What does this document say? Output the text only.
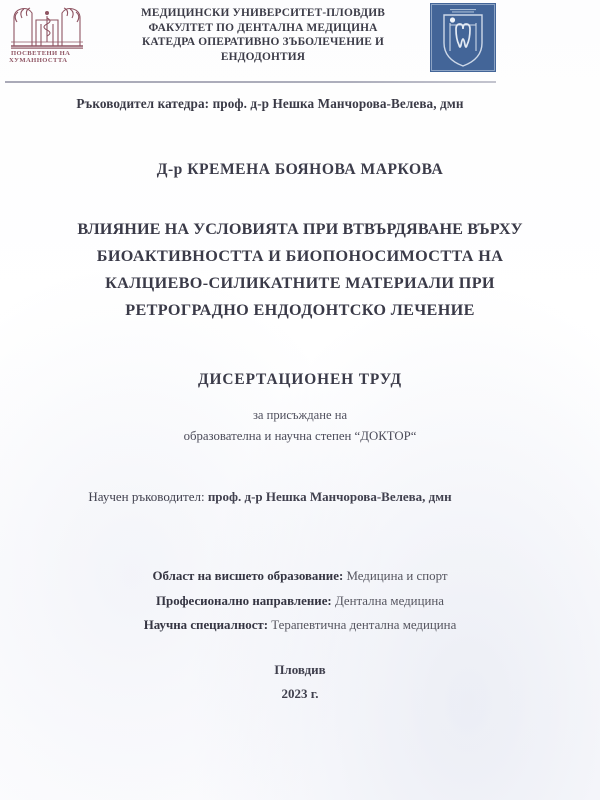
ПОСВЕТЕНИ НА
ХУМАННОСТТА
МЕДИЦИНСКИ УНИВЕРСИТЕТ-ПЛОВДИВ
ФАКУЛТЕТ ПО ДЕНТАЛНА МЕДИЦИНА
КАТЕДРА ОПЕРАТИВНО ЗЪБОЛЕЧЕНИЕ И
ЕНДОДОНТИЯ
Ръководител катедра: проф. д-р Нешка Манчорова-Велева, дмн
Д-р КРЕМЕНА БОЯНОВА МАРКОВА
ВЛИЯНИЕ НА УСЛОВИЯТА ПРИ ВТВЪРДЯВАНЕ ВЪРХУ
БИОАКТИВНОСТТА И БИОПОНОСИМОСТТА НА
КАЛЦИЕВО-СИЛИКАТНИТЕ МАТЕРИАЛИ ПРИ
РЕТРОГРАДНО ЕНДОДОНТСКО ЛЕЧЕНИЕ
ДИСЕРТАЦИОНЕН ТРУД
за присъждане на
образователна и научна степен “ДОКТОР“
Научен ръководител: проф. д-р Нешка Манчорова-Велева, дмн
Област на висшето образование: Медицина и спорт
Професионално направление: Дентална медицина
Научна специалност: Терапевтична дентална медицина
Пловдив
2023 г.
